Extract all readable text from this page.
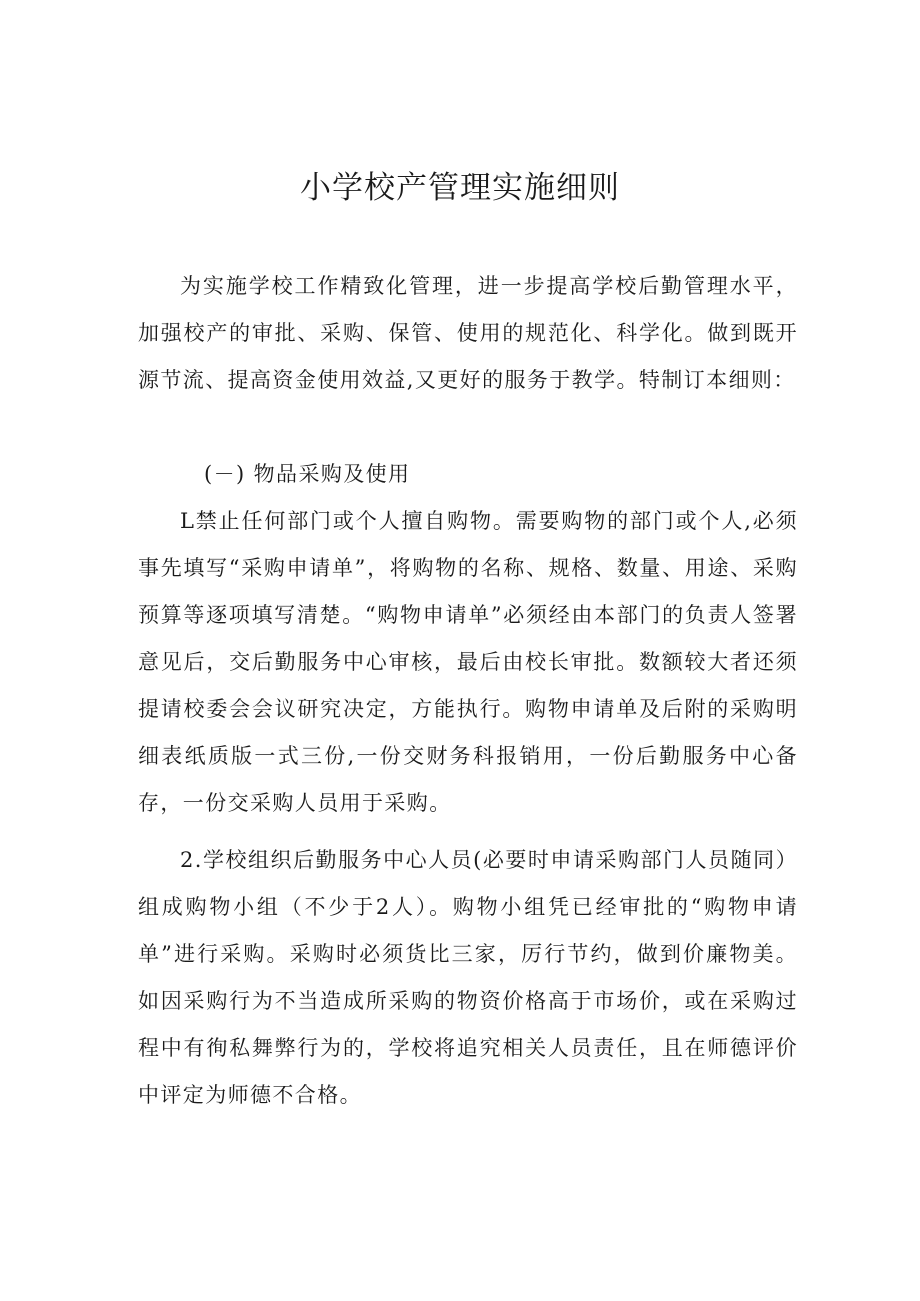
小学校产管理实施细则

为实施学校工作精致化管理，进一步提高学校后勤管理水平，加强校产的审批、采购、保管、使用的规范化、科学化。做到既开源节流、提高资金使用效益,又更好的服务于教学。特制订本细则：

(－) 物品采购及使用

L禁止任何部门或个人擅自购物。需要购物的部门或个人,必须事先填写“采购申请单”，将购物的名称、规格、数量、用途、采购预算等逐项填写清楚。“购物申请单”必须经由本部门的负责人签署意见后，交后勤服务中心审核，最后由校长审批。数额较大者还须提请校委会会议研究决定，方能执行。购物申请单及后附的采购明细表纸质版一式三份,一份交财务科报销用，一份后勤服务中心备存，一份交采购人员用于采购。

2.学校组织后勤服务中心人员(必要时申请采购部门人员随同）组成购物小组（不少于2人）。购物小组凭已经审批的“购物申请单”进行采购。采购时必须货比三家，厉行节约，做到价廉物美。如因采购行为不当造成所采购的物资价格高于市场价，或在采购过程中有徇私舞弊行为的，学校将追究相关人员责任，且在师德评价中评定为师德不合格。
